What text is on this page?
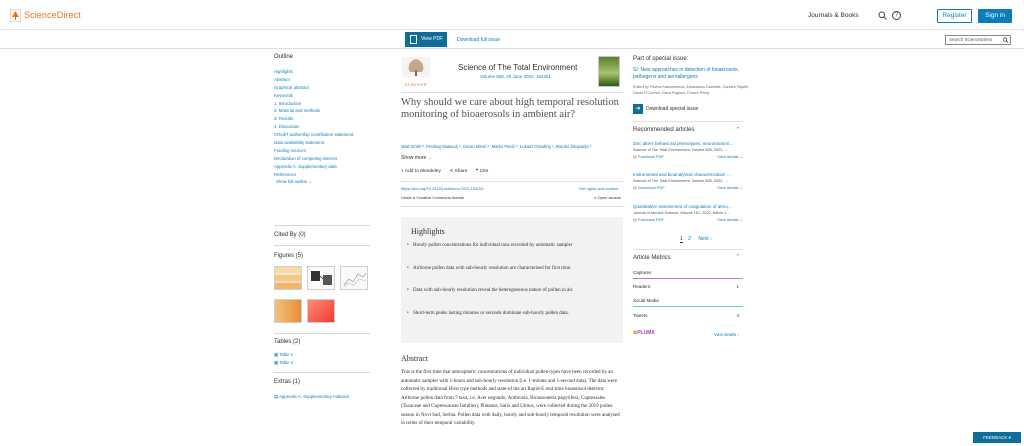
ScienceDirect	Journals & Books	?	Register	Sign in
View PDF	Download full issue	Search ScienceDirect
Outline
Highlights
Abstract
Graphical abstract
Keywords
1. Introduction
2. Material and methods
3. Results
4. Discussion
CRediT authorship contribution statement
Data availability statement
Funding sources
Declaration of competing interest
Appendix A. Supplementary data
References
Show full outline ⌄
Cited By (0)
Figures (5)
Tables (2)
▦ Table 1
▦ Table 2
Extras (1)
▤ Appendix A. Supplementary material
ELSEVIER
Science of The Total Environment
Volume 826, 20 June 2022, 154251
Why should we care about high temporal resolution monitoring of bioaerosols in ambient air?
Matt Smith ª, Predrag Matavulj ᵇ, Goran Mimić ᵇ, Marko Panić ᵇ, Łukasz Grewling ᶜ, Branko Šikoparija ᵇ
Show more ⌄
+ Add to Mendeley ⋖ Share ❝ Cite
https://doi.org/10.1016/j.scitotenv.2022.154251	Get rights and content
Under a Creative Commons license	● Open access
Highlights
• Hourly pollen concentrations for individual taxa recorded by automatic sampler
• Airborne pollen data with sub-hourly resolution are characterised for first time.
• Data with sub-hourly resolution reveal the heterogeneous nature of pollen in air.
• Short-term peaks lasting minutes or seconds dominate sub-hourly pollen data.
Abstract
This is the first time that atmospheric concentrations of individual pollen types have been recorded by an automatic sampler with 1-hours and sub-hourly resolution (i.e. 1-minute and 1-second data). The data were collected by traditional Hirst type methods and state-of the art Rapid-E real-time bioaerosol detector. Airborne pollen data from 7 taxa, i.e. Acer negundo, Ambrosia, Broussonetia papyrifera, Cupressales (Taxaceae and Cupressaceae families), Platanus, Salix and Ulmus, were collected during the 2019 pollen season in Novi Sad, Serbia. Pollen data with daily, hourly and sub-hourly temporal resolution were analysed in terms of their temporal variability.
Part of special issue:
SI: New approaches in detection of bioaerosols, pathogens and aeroallergens
Edited by Pavlos Kassomenos, Athanasios Damialis, Carsten Skjøth, David O'Connor, Clara Pagnon, Franck Pinay
➜ Download special issue
Recommended articles	⌃
Zinc alters behavioral phenotypes, neurotransmi…
Science of The Total Environment, Volume 826, 2022, …
▤ Purchase PDF	View details ⌄
Instrumental and bioanalytical characterization …
Science of The Total Environment, Volume 826, 2022, …
▤ Download PDF	View details ⌄
Quantitative assessment of coagulation of atmo…
Journal of Aerosol Science, Volume 161, 2022, Article 1…
▤ Purchase PDF	View details ⌄
1 2 Next ›
Article Metrics	⌃
Captures
Readers:	1
Social Media
Tweets:	4
✿PLUMX	View details ›
FEEDBACK ▾
